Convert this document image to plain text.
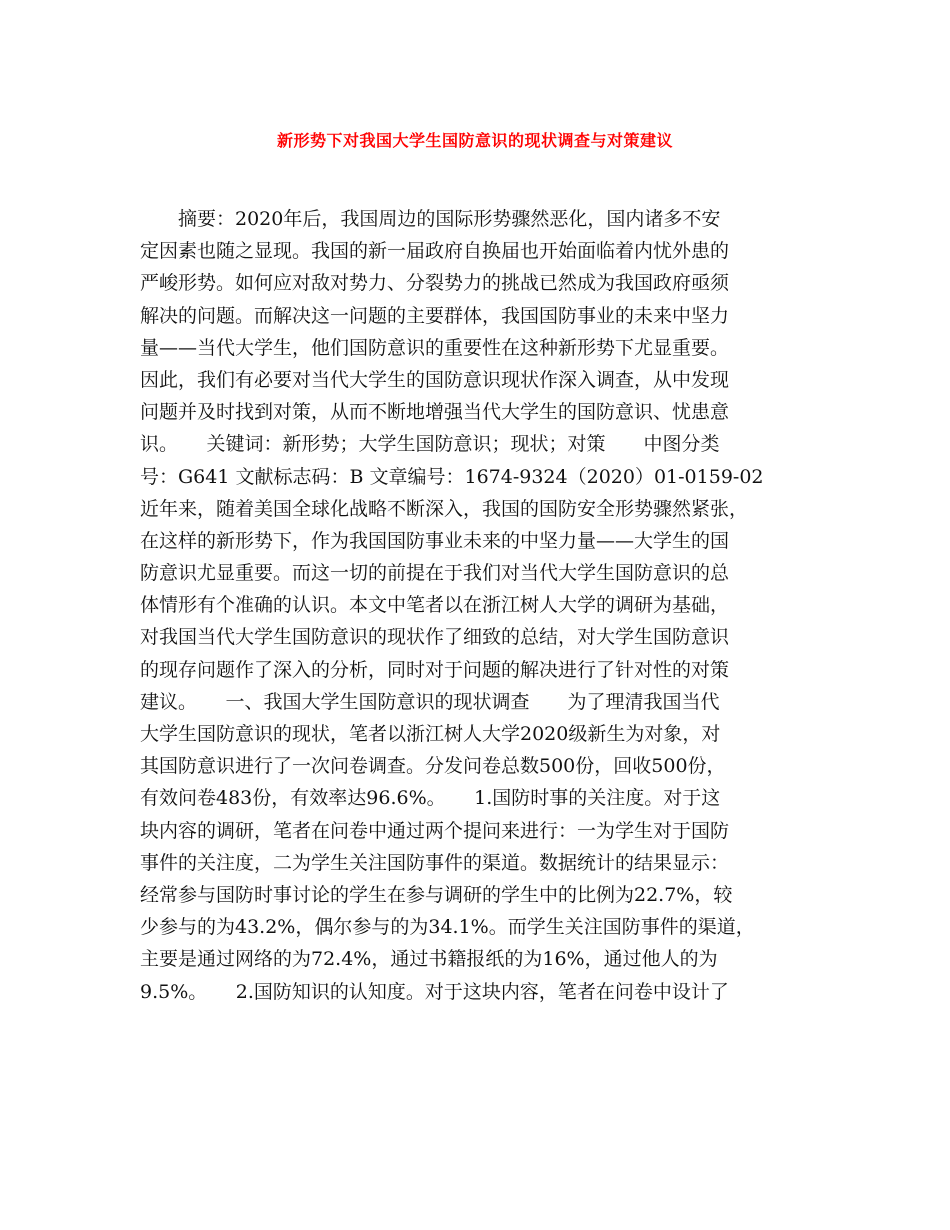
新形势下对我国大学生国防意识的现状调查与对策建议
　　摘要：2020年后，我国周边的国际形势骤然恶化，国内诸多不安
定因素也随之显现。我国的新一届政府自换届也开始面临着内忧外患的
严峻形势。如何应对敌对势力、分裂势力的挑战已然成为我国政府亟须
解决的问题。而解决这一问题的主要群体，我国国防事业的未来中坚力
量——当代大学生，他们国防意识的重要性在这种新形势下尤显重要。
因此，我们有必要对当代大学生的国防意识现状作深入调查，从中发现
问题并及时找到对策，从而不断地增强当代大学生的国防意识、忧患意
识。　　关键词：新形势；大学生国防意识；现状；对策　　中图分类
号：G641 文献标志码：B 文章编号：1674-9324（2020）01-0159-02
近年来，随着美国全球化战略不断深入，我国的国防安全形势骤然紧张，
在这样的新形势下，作为我国国防事业未来的中坚力量——大学生的国
防意识尤显重要。而这一切的前提在于我们对当代大学生国防意识的总
体情形有个准确的认识。本文中笔者以在浙江树人大学的调研为基础，
对我国当代大学生国防意识的现状作了细致的总结，对大学生国防意识
的现存问题作了深入的分析，同时对于问题的解决进行了针对性的对策
建议。　　一、我国大学生国防意识的现状调查　　为了理清我国当代
大学生国防意识的现状，笔者以浙江树人大学2020级新生为对象，对
其国防意识进行了一次问卷调查。分发问卷总数500份，回收500份，
有效问卷483份，有效率达96.6%。　　1.国防时事的关注度。对于这
块内容的调研，笔者在问卷中通过两个提问来进行：一为学生对于国防
事件的关注度，二为学生关注国防事件的渠道。数据统计的结果显示：
经常参与国防时事讨论的学生在参与调研的学生中的比例为22.7%，较
少参与的为43.2%，偶尔参与的为34.1%。而学生关注国防事件的渠道，
主要是通过网络的为72.4%，通过书籍报纸的为16%，通过他人的为
9.5%。　　2.国防知识的认知度。对于这块内容，笔者在问卷中设计了
